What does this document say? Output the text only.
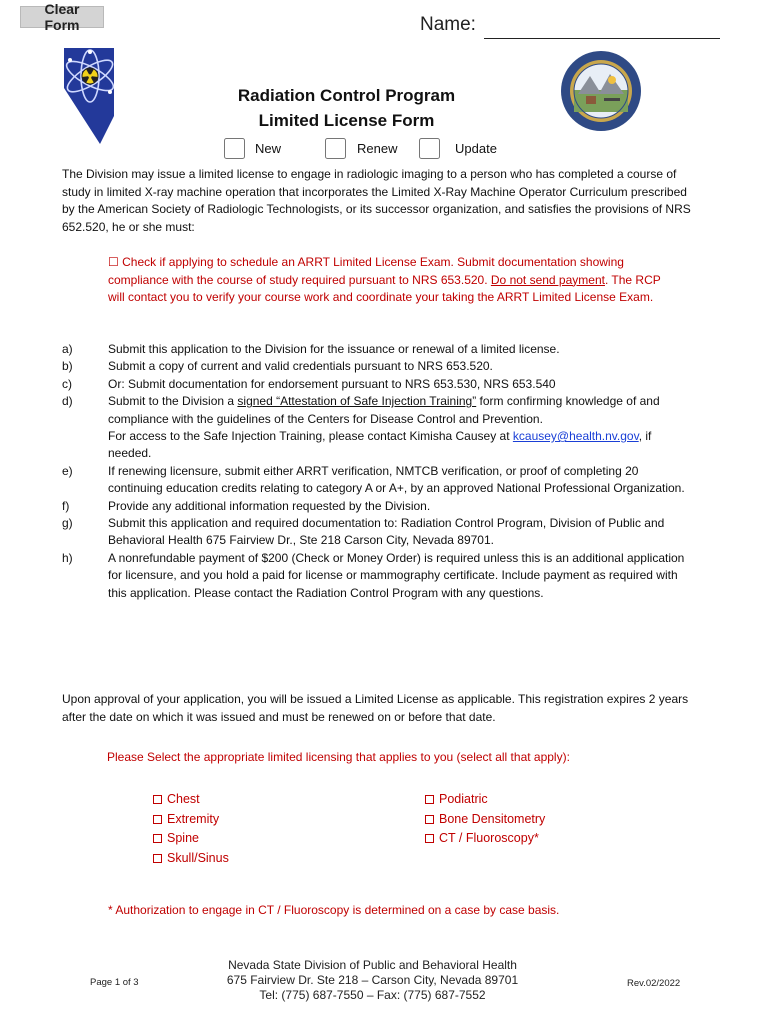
Clear Form	Name:
Radiation Control Program
Limited License Form
New	Renew	Update
The Division may issue a limited license to engage in radiologic imaging to a person who has completed a course of study in limited X-ray machine operation that incorporates the Limited X-Ray Machine Operator Curriculum prescribed by the American Society of Radiologic Technologists, or its successor organization, and satisfies the provisions of NRS 652.520, he or she must:
☐ Check if applying to schedule an ARRT Limited License Exam. Submit documentation showing compliance with the course of study required pursuant to NRS 653.520. Do not send payment. The RCP will contact you to verify your course work and coordinate your taking the ARRT Limited License Exam.
a)	Submit this application to the Division for the issuance or renewal of a limited license.
b)	Submit a copy of current and valid credentials pursuant to NRS 653.520.
c)	Or: Submit documentation for endorsement pursuant to NRS 653.530, NRS 653.540
d)	Submit to the Division a signed “Attestation of Safe Injection Training” form confirming knowledge of and compliance with the guidelines of the Centers for Disease Control and Prevention.
For access to the Safe Injection Training, please contact Kimisha Causey at kcausey@health.nv.gov, if needed.
e)	If renewing licensure, submit either ARRT verification, NMTCB verification, or proof of completing 20 continuing education credits relating to category A or A+, by an approved National Professional Organization.
f)	Provide any additional information requested by the Division.
g)	Submit this application and required documentation to: Radiation Control Program, Division of Public and Behavioral Health 675 Fairview Dr., Ste 218 Carson City, Nevada 89701.
h)	A nonrefundable payment of $200 (Check or Money Order) is required unless this is an additional application for licensure, and you hold a paid for license or mammography certificate. Include payment as required with this application. Please contact the Radiation Control Program with any questions.
Upon approval of your application, you will be issued a Limited License as applicable. This registration expires 2 years after the date on which it was issued and must be renewed on or before that date.
Please Select the appropriate limited licensing that applies to you (select all that apply):
Chest
Extremity
Spine
Skull/Sinus
Podiatric
Bone Densitometry
CT / Fluoroscopy*
* Authorization to engage in CT / Fluoroscopy is determined on a case by case basis.
Page 1 of 3
Nevada State Division of Public and Behavioral Health
675 Fairview Dr. Ste 218 – Carson City, Nevada 89701
Tel: (775) 687-7550 – Fax: (775) 687-7552
Rev.02/2022
